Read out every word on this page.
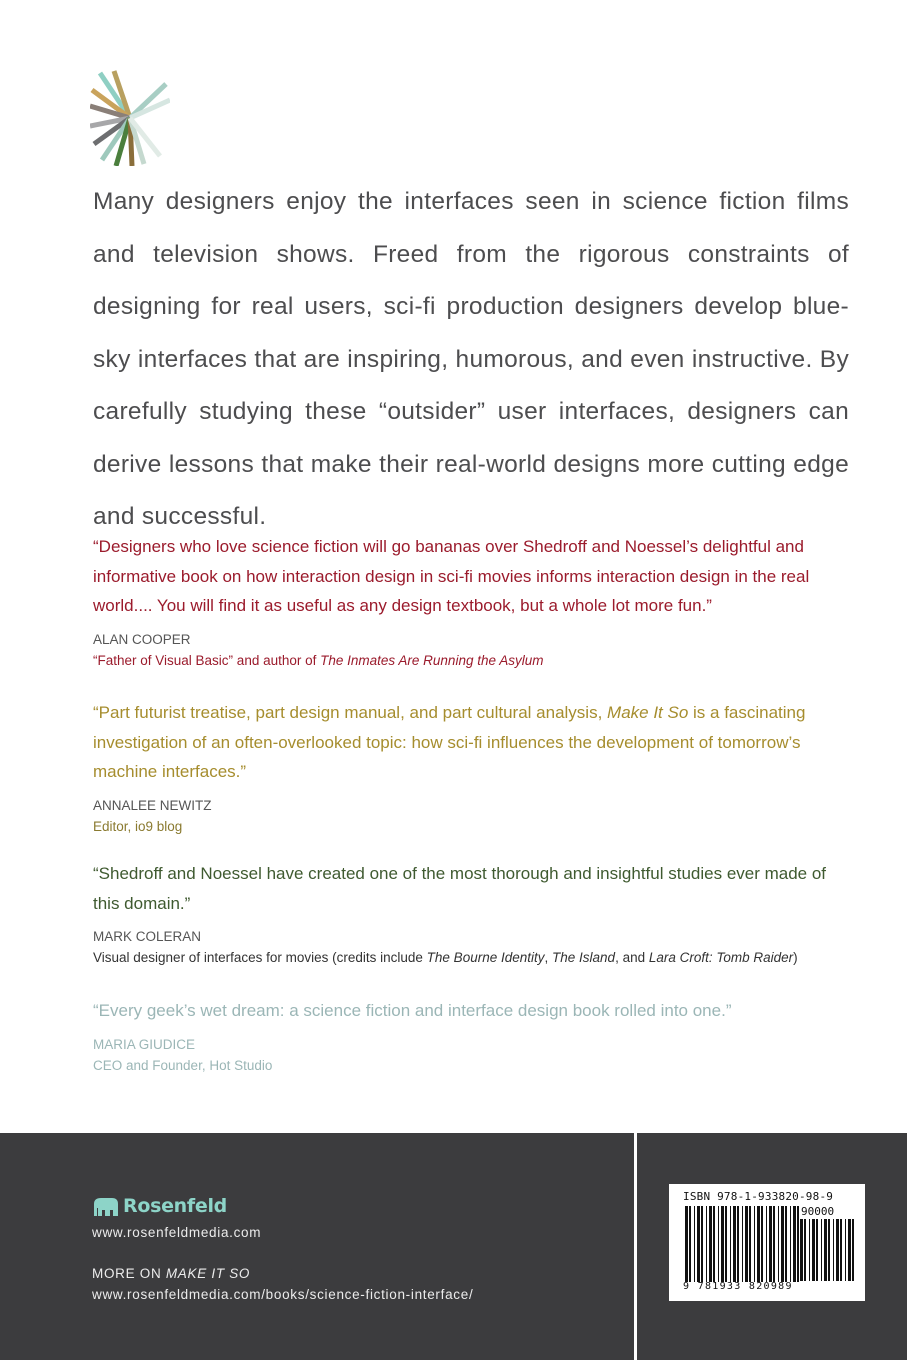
Many designers enjoy the interfaces seen in science fiction films and television shows. Freed from the rigorous constraints of designing for real users, sci-fi production designers develop blue-sky interfaces that are inspiring, humorous, and even instructive. By carefully studying these “outsider” user interfaces, designers can derive lessons that make their real-world designs more cutting edge and successful.
“Designers who love science fiction will go bananas over Shedroff and Noessel’s delightful and informative book on how interaction design in sci-fi movies informs interaction design in the real world.... You will find it as useful as any design textbook, but a whole lot more fun.”
ALAN COOPER
“Father of Visual Basic” and author of The Inmates Are Running the Asylum
“Part futurist treatise, part design manual, and part cultural analysis, Make It So is a fascinating investigation of an often-overlooked topic: how sci-fi influences the development of tomorrow’s machine interfaces.”
ANNALEE NEWITZ
Editor, io9 blog
“Shedroff and Noessel have created one of the most thorough and insightful studies ever made of this domain.”
MARK COLERAN
Visual designer of interfaces for movies (credits include The Bourne Identity, The Island, and Lara Croft: Tomb Raider)
“Every geek’s wet dream: a science fiction and interface design book rolled into one.”
MARIA GIUDICE
CEO and Founder, Hot Studio
Rosenfeld
www.rosenfeldmedia.com
MORE ON MAKE IT SO
www.rosenfeldmedia.com/books/science-fiction-interface/
ISBN 978-1-933820-98-9
90000
9 781933 820989
